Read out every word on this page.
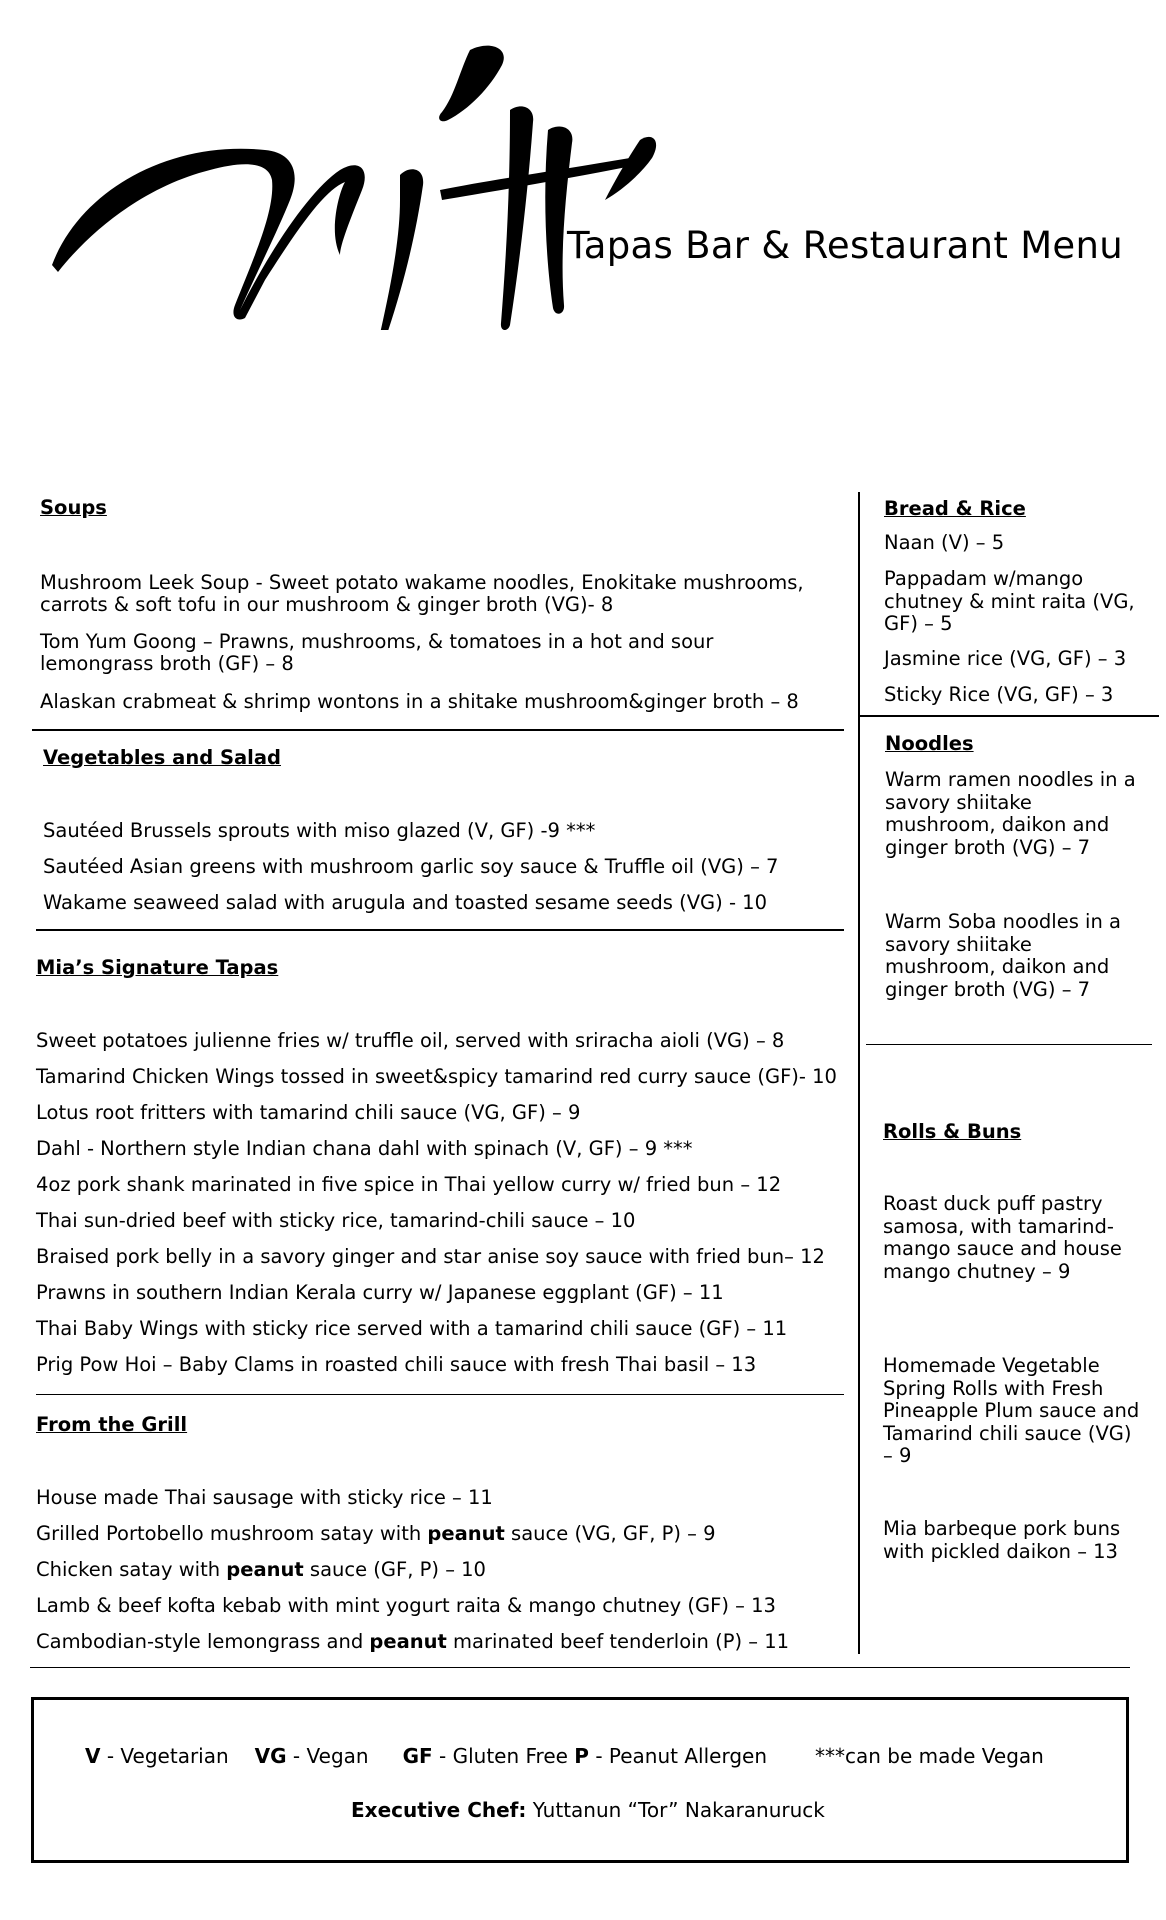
Tapas Bar & Restaurant Menu
Soups
Mushroom Leek Soup - Sweet potato wakame noodles, Enokitake mushrooms,
carrots & soft tofu in our mushroom & ginger broth (VG)- 8
Tom Yum Goong – Prawns, mushrooms, & tomatoes in a hot and sour
lemongrass broth (GF) – 8
Alaskan crabmeat & shrimp wontons in a shitake mushroom&ginger broth – 8
Vegetables and Salad
Sautéed Brussels sprouts with miso glazed (V, GF) -9 ***
Sautéed Asian greens with mushroom garlic soy sauce & Truffle oil (VG) – 7
Wakame seaweed salad with arugula and toasted sesame seeds (VG) - 10
Mia’s Signature Tapas
Sweet potatoes julienne fries w/ truffle oil, served with sriracha aioli (VG) – 8
Tamarind Chicken Wings tossed in sweet&spicy tamarind red curry sauce (GF)- 10
Lotus root fritters with tamarind chili sauce (VG, GF) – 9
Dahl - Northern style Indian chana dahl with spinach (V, GF) – 9 ***
4oz pork shank marinated in five spice in Thai yellow curry w/ fried bun – 12
Thai sun-dried beef with sticky rice, tamarind-chili sauce – 10
Braised pork belly in a savory ginger and star anise soy sauce with fried bun– 12
Prawns in southern Indian Kerala curry w/ Japanese eggplant (GF) – 11
Thai Baby Wings with sticky rice served with a tamarind chili sauce (GF) – 11
Prig Pow Hoi – Baby Clams in roasted chili sauce with fresh Thai basil – 13
From the Grill
House made Thai sausage with sticky rice – 11
Grilled Portobello mushroom satay with peanut sauce (VG, GF, P) – 9
Chicken satay with peanut sauce (GF, P) – 10
Lamb & beef kofta kebab with mint yogurt raita & mango chutney (GF) – 13
Cambodian-style lemongrass and peanut marinated beef tenderloin (P) – 11
Bread & Rice
Naan (V) – 5
Pappadam w/mango chutney & mint raita (VG, GF) – 5
Jasmine rice (VG, GF) – 3
Sticky Rice (VG, GF) – 3
Noodles
Warm ramen noodles in a savory shiitake mushroom, daikon and ginger broth (VG) – 7
Warm Soba noodles in a savory shiitake mushroom, daikon and ginger broth (VG) – 7
Rolls & Buns
Roast duck puff pastry samosa, with tamarind-mango sauce and house mango chutney – 9
Homemade Vegetable Spring Rolls with Fresh Pineapple Plum sauce and Tamarind chili sauce (VG) – 9
Mia barbeque pork buns with pickled daikon – 13
V - Vegetarian VG - Vegan GF - Gluten Free P - Peanut Allergen ***can be made Vegan
Executive Chef: Yuttanun “Tor” Nakaranuruck
